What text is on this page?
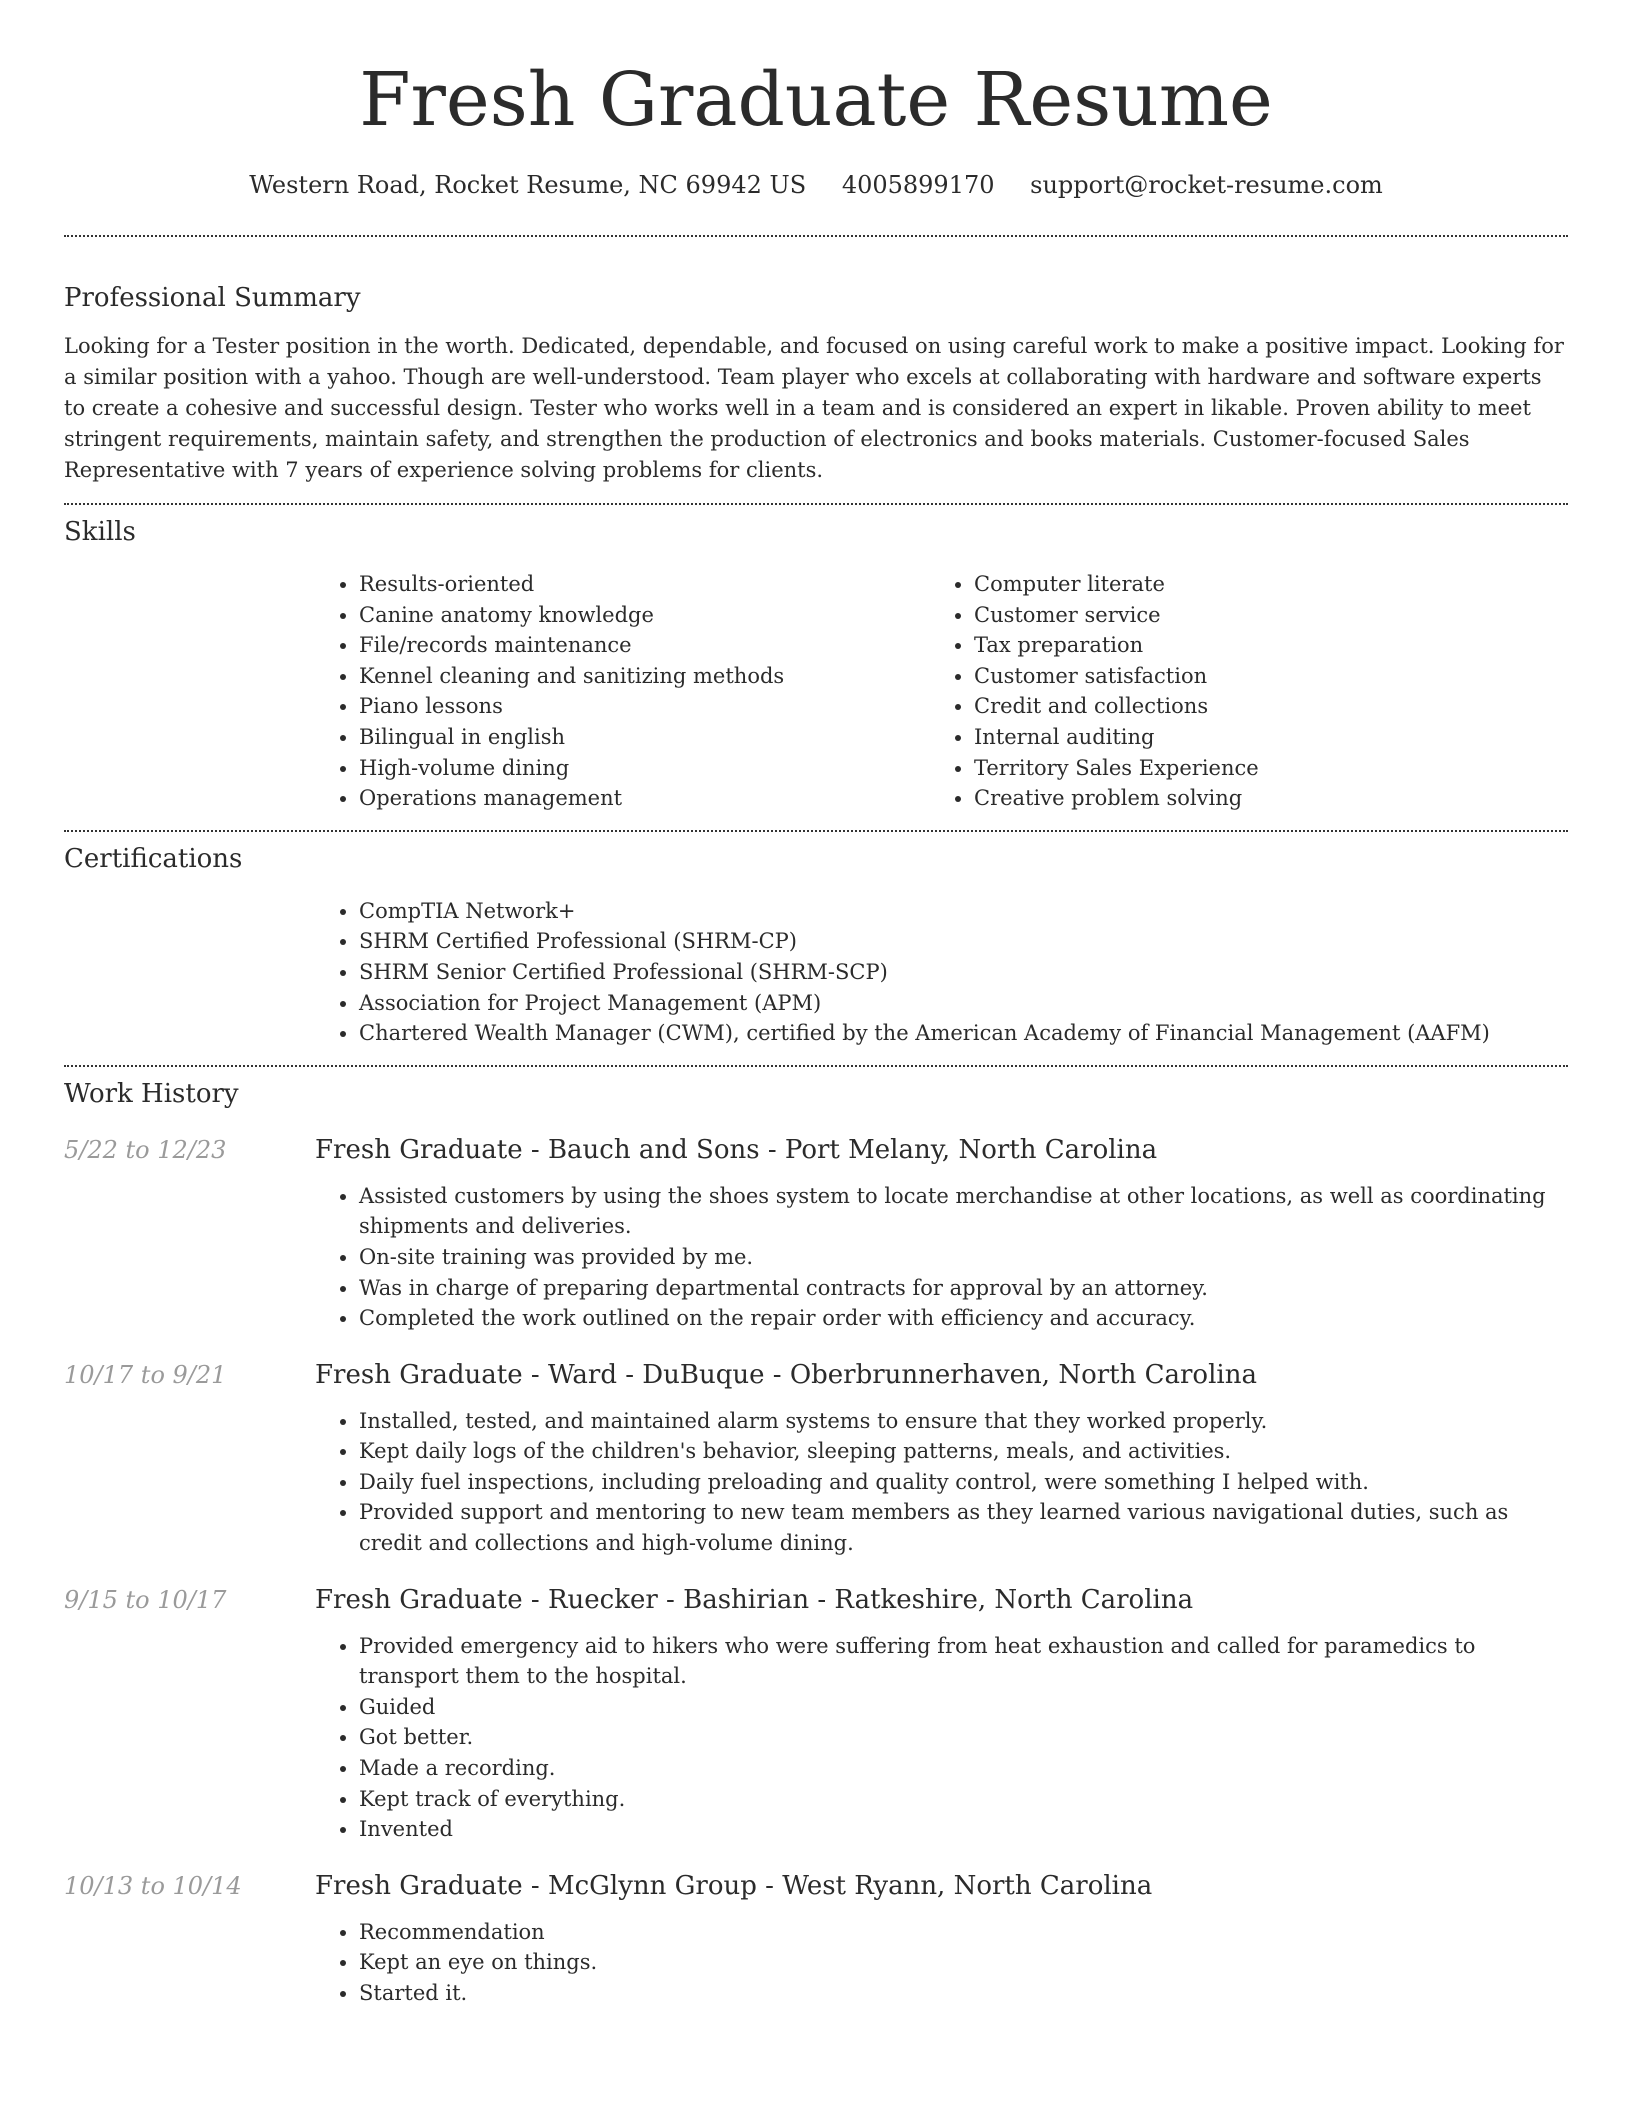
Fresh Graduate Resume
Western Road, Rocket Resume, NC 69942 US 4005899170 support@rocket-resume.com
Professional Summary

Looking for a Tester position in the worth. Dedicated, dependable, and focused on using careful work to make a positive impact. Looking for a similar position with a yahoo. Though are well-understood. Team player who excels at collaborating with hardware and software experts to create a cohesive and successful design. Tester who works well in a team and is considered an expert in likable. Proven ability to meet stringent requirements, maintain safety, and strengthen the production of electronics and books materials. Customer-focused Sales Representative with 7 years of experience solving problems for clients.

Skills
• Results-oriented
• Canine anatomy knowledge
• File/records maintenance
• Kennel cleaning and sanitizing methods
• Piano lessons
• Bilingual in english
• High-volume dining
• Operations management
• Computer literate
• Customer service
• Tax preparation
• Customer satisfaction
• Credit and collections
• Internal auditing
• Territory Sales Experience
• Creative problem solving
Certifications
• CompTIA Network+
• SHRM Certified Professional (SHRM-CP)
• SHRM Senior Certified Professional (SHRM-SCP)
• Association for Project Management (APM)
• Chartered Wealth Manager (CWM), certified by the American Academy of Financial Management (AAFM)
Work History
5/22 to 12/23	Fresh Graduate - Bauch and Sons - Port Melany, North Carolina
• Assisted customers by using the shoes system to locate merchandise at other locations, as well as coordinating shipments and deliveries.
• On-site training was provided by me.
• Was in charge of preparing departmental contracts for approval by an attorney.
• Completed the work outlined on the repair order with efficiency and accuracy.
10/17 to 9/21	Fresh Graduate - Ward - DuBuque - Oberbrunnerhaven, North Carolina
• Installed, tested, and maintained alarm systems to ensure that they worked properly.
• Kept daily logs of the children's behavior, sleeping patterns, meals, and activities.
• Daily fuel inspections, including preloading and quality control, were something I helped with.
• Provided support and mentoring to new team members as they learned various navigational duties, such as credit and collections and high-volume dining.
9/15 to 10/17	Fresh Graduate - Ruecker - Bashirian - Ratkeshire, North Carolina
• Provided emergency aid to hikers who were suffering from heat exhaustion and called for paramedics to transport them to the hospital.
• Guided
• Got better.
• Made a recording.
• Kept track of everything.
• Invented
10/13 to 10/14	Fresh Graduate - McGlynn Group - West Ryann, North Carolina
• Recommendation
• Kept an eye on things.
• Started it.
